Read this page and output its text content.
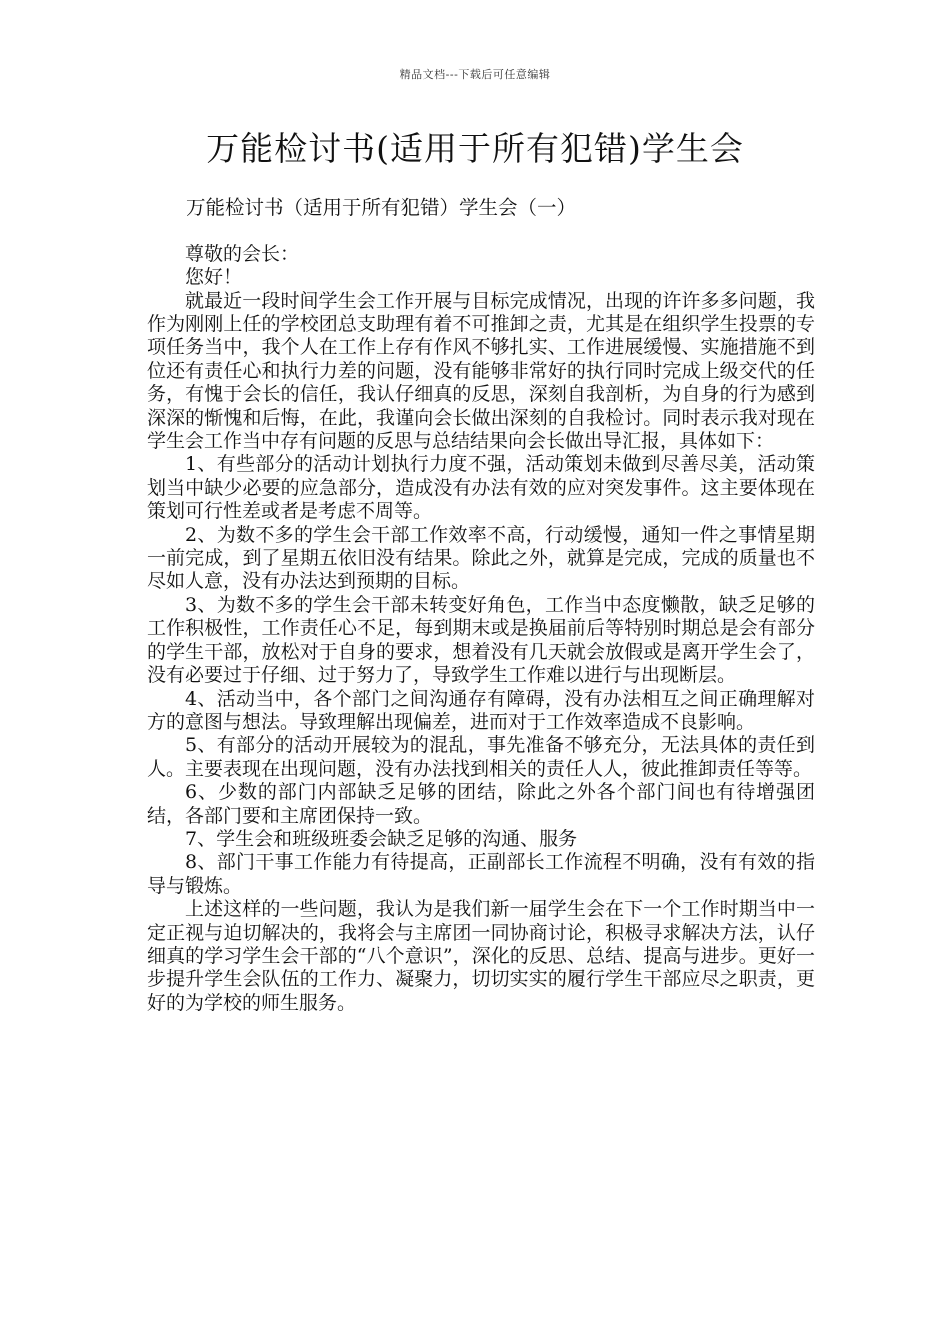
精品文档---下载后可任意编辑
万能检讨书(适用于所有犯错)学生会

万能检讨书（适用于所有犯错）学生会（一）

尊敬的会长：

您好！

就最近一段时间学生会工作开展与目标完成情况，出现的许许多多问题，我作为刚刚上任的学校团总支助理有着不可推卸之责，尤其是在组织学生投票的专项任务当中，我个人在工作上存有作风不够扎实、工作进展缓慢、实施措施不到位还有责任心和执行力差的问题，没有能够非常好的执行同时完成上级交代的任务，有愧于会长的信任，我认仔细真的反思，深刻自我剖析，为自身的行为感到深深的惭愧和后悔，在此，我谨向会长做出深刻的自我检讨。同时表示我对现在学生会工作当中存有问题的反思与总结结果向会长做出导汇报，具体如下：

1、有些部分的活动计划执行力度不强，活动策划未做到尽善尽美，活动策划当中缺少必要的应急部分，造成没有办法有效的应对突发事件。这主要体现在策划可行性差或者是考虑不周等。

2、为数不多的学生会干部工作效率不高，行动缓慢，通知一件之事情星期一前完成，到了星期五依旧没有结果。除此之外，就算是完成，完成的质量也不尽如人意，没有办法达到预期的目标。

3、为数不多的学生会干部未转变好角色，工作当中态度懒散，缺乏足够的工作积极性，工作责任心不足，每到期末或是换届前后等特别时期总是会有部分的学生干部，放松对于自身的要求，想着没有几天就会放假或是离开学生会了，没有必要过于仔细、过于努力了，导致学生工作难以进行与出现断层。

4、活动当中，各个部门之间沟通存有障碍，没有办法相互之间正确理解对方的意图与想法。导致理解出现偏差，进而对于工作效率造成不良影响。

5、有部分的活动开展较为的混乱，事先准备不够充分，无法具体的责任到人。主要表现在出现问题，没有办法找到相关的责任人人，彼此推卸责任等等。

6、少数的部门内部缺乏足够的团结，除此之外各个部门间也有待增强团结，各部门要和主席团保持一致。

7、学生会和班级班委会缺乏足够的沟通、服务

8、部门干事工作能力有待提高，正副部长工作流程不明确，没有有效的指导与锻炼。

上述这样的一些问题，我认为是我们新一届学生会在下一个工作时期当中一定正视与迫切解决的，我将会与主席团一同协商讨论，积极寻求解决方法，认仔细真的学习学生会干部的“八个意识”，深化的反思、总结、提高与进步。更好一步提升学生会队伍的工作力、凝聚力，切切实实的履行学生干部应尽之职责，更好的为学校的师生服务。
